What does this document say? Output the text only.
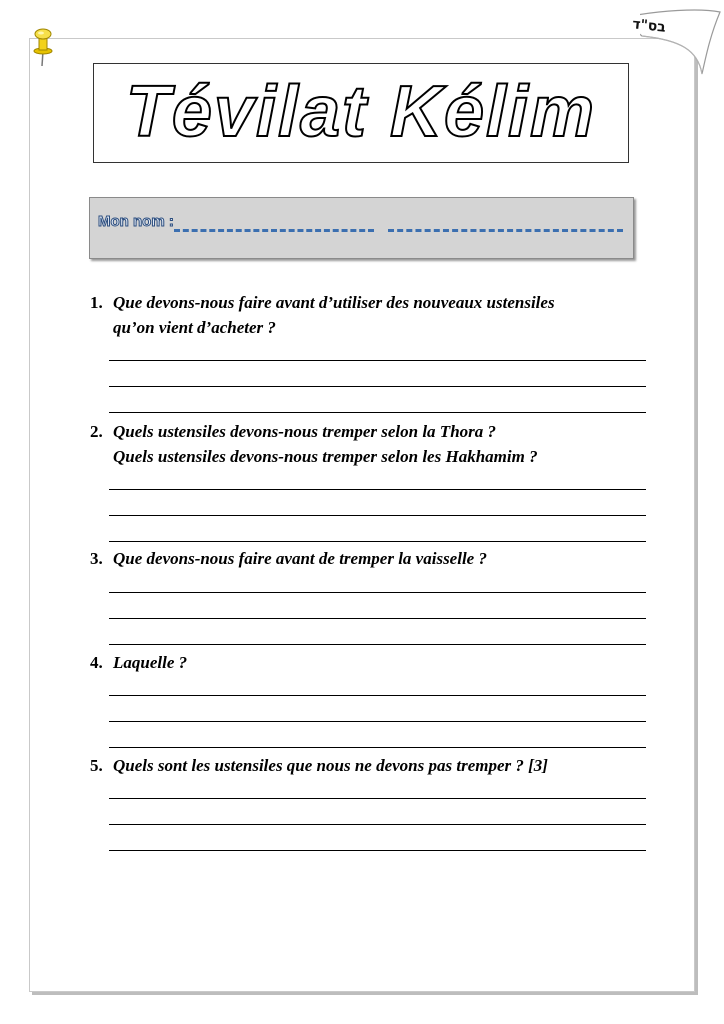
בס"ד
Tévilat Kélim
Mon nom :
1. Que devons-nous faire avant d’utiliser des nouveaux ustensiles
qu’on vient d’acheter ?
2. Quels ustensiles devons-nous tremper selon la Thora ?
Quels ustensiles devons-nous tremper selon les Hakhamim ?
3. Que devons-nous faire avant de tremper la vaisselle ?
4. Laquelle ?
5. Quels sont les ustensiles que nous ne devons pas tremper ? [3]
